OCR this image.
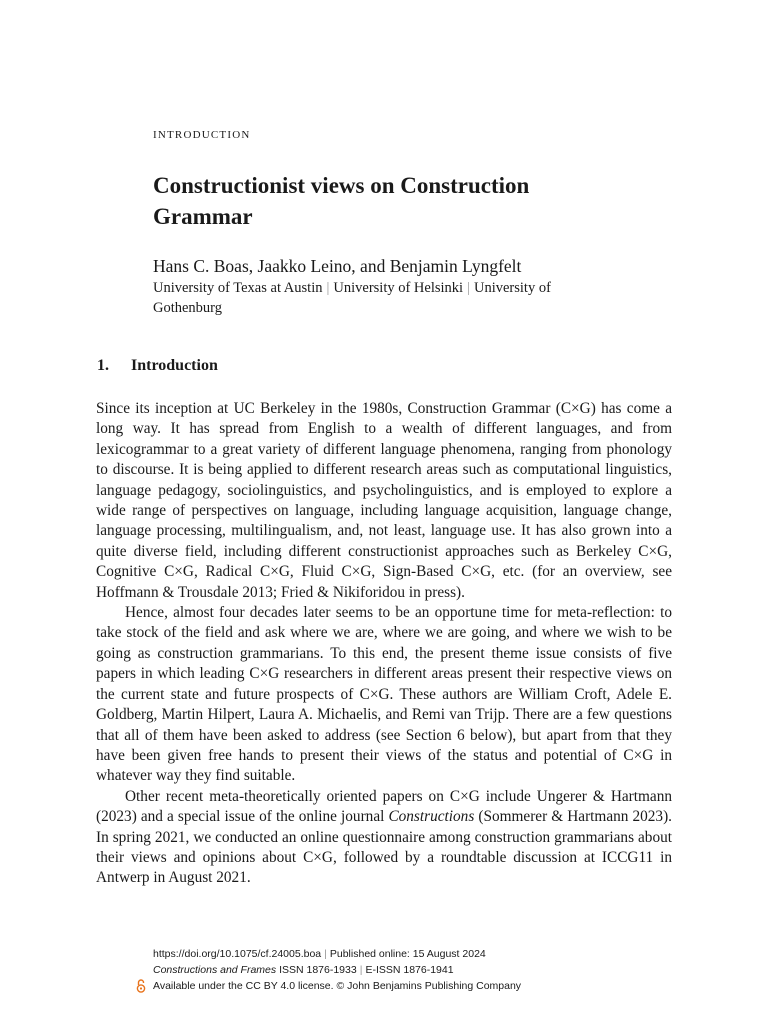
introduction
Constructionist views on Construction Grammar
Hans C. Boas, Jaakko Leino, and Benjamin Lyngfelt
University of Texas at Austin | University of Helsinki | University of Gothenburg
1. Introduction

Since its inception at UC Berkeley in the 1980s, Construction Grammar (C×G) has come a long way. It has spread from English to a wealth of different languages, and from lexicogrammar to a great variety of different language phenomena, ranging from phonology to discourse. It is being applied to different research areas such as computational linguistics, language pedagogy, sociolinguistics, and psycholinguistics, and is employed to explore a wide range of perspectives on language, including language acquisition, language change, language processing, multilingualism, and, not least, language use. It has also grown into a quite diverse field, including different constructionist approaches such as Berkeley C×G, Cognitive C×G, Radical C×G, Fluid C×G, Sign-Based C×G, etc. (for an overview, see Hoffmann & Trousdale 2013; Fried & Nikiforidou in press).

Hence, almost four decades later seems to be an opportune time for meta-reflection: to take stock of the field and ask where we are, where we are going, and where we wish to be going as construction grammarians. To this end, the present theme issue consists of five papers in which leading C×G researchers in different areas present their respective views on the current state and future prospects of C×G. These authors are William Croft, Adele E. Goldberg, Martin Hilpert, Laura A. Michaelis, and Remi van Trijp. There are a few questions that all of them have been asked to address (see Section 6 below), but apart from that they have been given free hands to present their views of the status and potential of C×G in whatever way they find suitable.

Other recent meta-theoretically oriented papers on C×G include Ungerer & Hartmann (2023) and a special issue of the online journal Constructions (Sommerer & Hartmann 2023). In spring 2021, we conducted an online questionnaire among construction grammarians about their views and opinions about C×G, followed by a roundtable discussion at ICCG11 in Antwerp in August 2021.

https://doi.org/10.1075/cf.24005.boa | Published online: 15 August 2024
Constructions and Frames ISSN 1876-1933 | E-ISSN 1876-1941
Available under the CC BY 4.0 license. © John Benjamins Publishing Company
